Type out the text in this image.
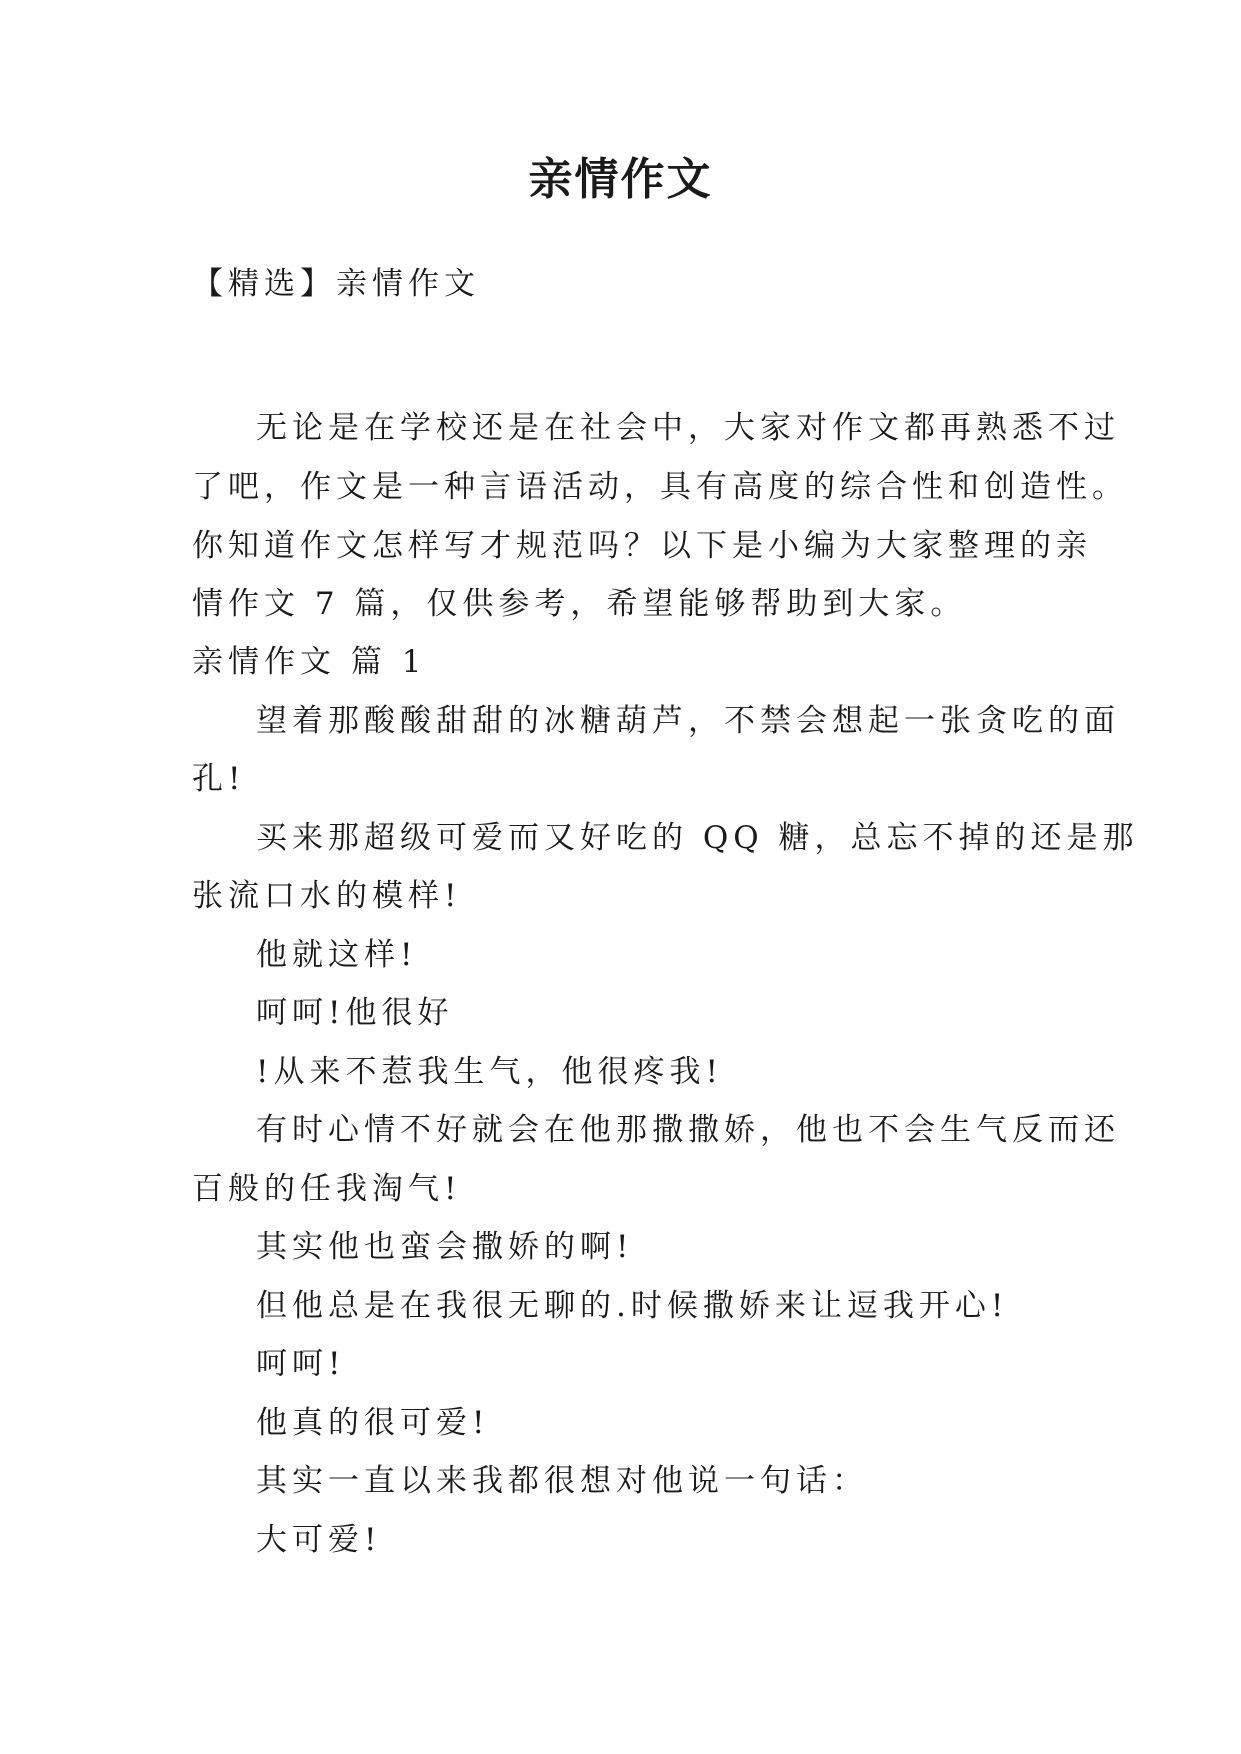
亲情作文
【精选】亲情作文
无论是在学校还是在社会中，大家对作文都再熟悉不过
了吧，作文是一种言语活动，具有高度的综合性和创造性。
你知道作文怎样写才规范吗？以下是小编为大家整理的亲
情作文 7 篇，仅供参考，希望能够帮助到大家。
亲情作文 篇 1
望着那酸酸甜甜的冰糖葫芦，不禁会想起一张贪吃的面
孔!
买来那超级可爱而又好吃的 QQ 糖，总忘不掉的还是那
张流口水的模样!
他就这样!
呵呵!他很好
!从来不惹我生气，他很疼我!
有时心情不好就会在他那撒撒娇，他也不会生气反而还
百般的任我淘气!
其实他也蛮会撒娇的啊!
但他总是在我很无聊的.时候撒娇来让逗我开心!
呵呵!
他真的很可爱!
其实一直以来我都很想对他说一句话：
大可爱!
